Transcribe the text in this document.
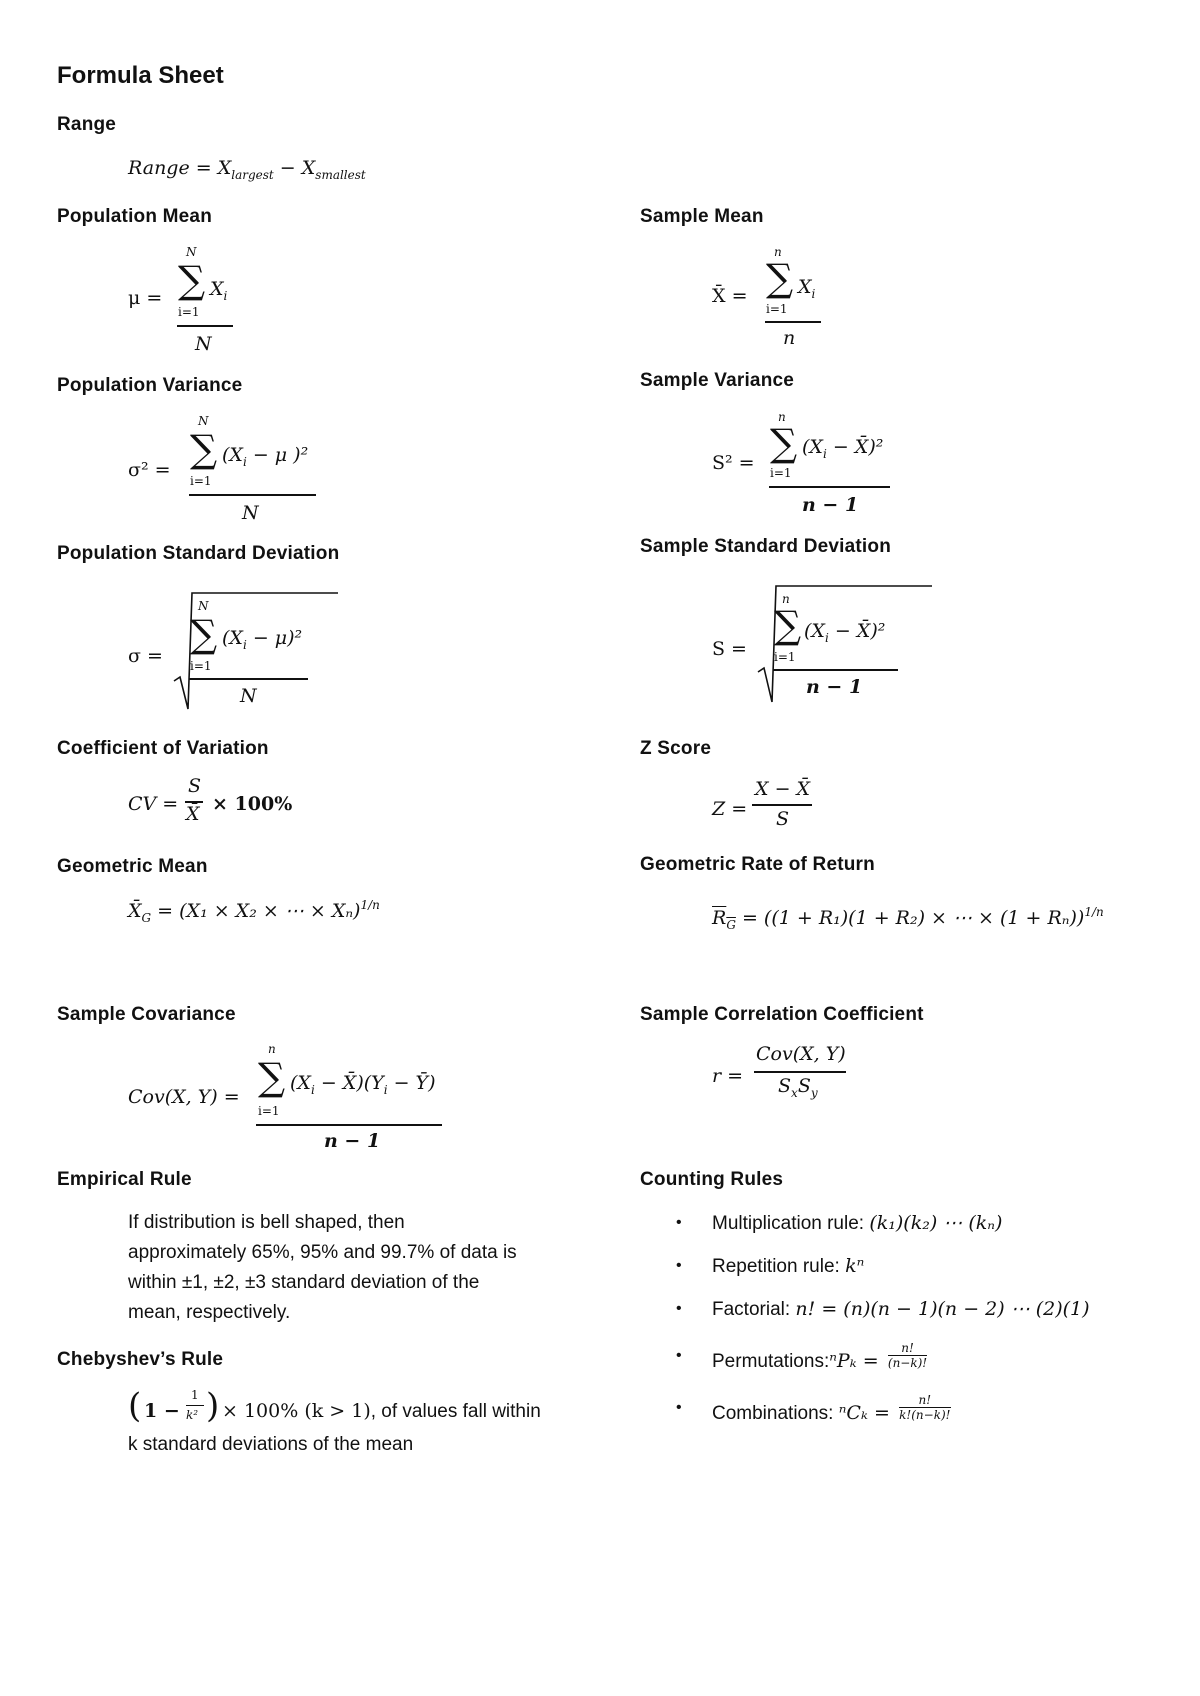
Formula Sheet
Range
Range = $X_{largest} - X_{smallest}$
Population Mean
μ =
N
∑ $X_i$
i=1
N
Sample Mean
X̄ =
n
∑ $X_i$
i=1
n
Population Variance
σ² =
N
∑ ($X_i - \mu$ )²
i=1
N
Sample Variance
S² =
n
∑ ($X_i$ − X̄)²
i=1
n − 1
Population Standard Deviation
σ =
N
∑ $(X_i - \mu)^2$
i=1
N
Sample Standard Deviation
S =
n
∑ ($X_i$ − X̄)²
i=1
n − 1
Coefficient of Variation
CV =
S
X̄ × 100%
Z Score
Z =
X − X̄
S
Geometric Mean
$X̄_G = (X_1 \times X_2$ × ⋯ × Xₙ)$^{1/n}$
Geometric Rate of Return
$R_G = ((1 + R_1)(1 + R_2)$ × ⋯ × (1 + Rₙ))$^{1/n}$
Sample Covariance
Cov(X, Y) =
n
∑ ($X_i$ − $X̄)(Y_i$ − Ȳ)
i=1
n − 1
Sample Correlation Coefficient
r =
Cov(X, Y)
$S_xS_y$
Empirical Rule
If distribution is bell shaped, then
approximately 65%, 95% and 99.7% of data is
within ±1, ±2, ±3 standard deviation of the
mean, respectively.
Chebyshev’s Rule
( 1 −
1
k² ) × 100% (k > 1), of values fall within
k standard deviations of the mean
Counting Rules
• Multiplication rule: (k₁)(k₂) ⋯ (kₙ)
• Repetition rule: kⁿ
• Factorial: n! = (n)(n − 1)(n − 2) ⋯ (2)(1)
• Permutations:ⁿPₖ = $\frac{n!}{(n-k)!}$
• Combinations: $^nC_k = \frac{n!}{k!(n-k)!}$
